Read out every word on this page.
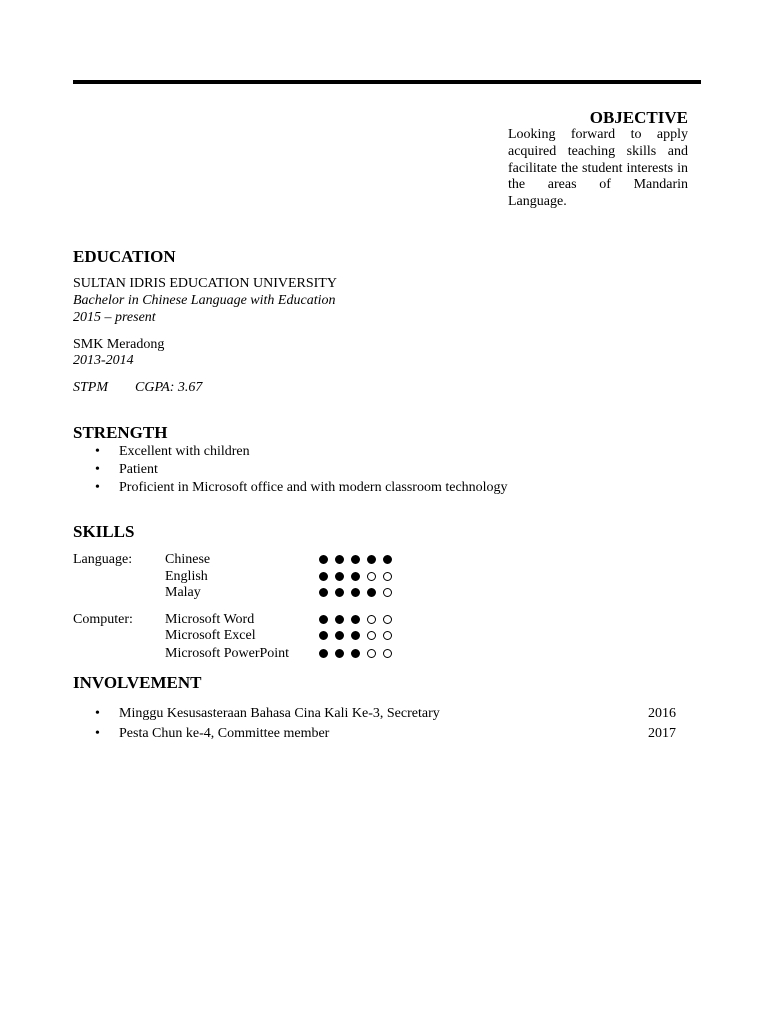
OBJECTIVE
Looking forward to apply acquired teaching skills and facilitate the student interests in the areas of Mandarin Language.
EDUCATION
SULTAN IDRIS EDUCATION UNIVERSITY
Bachelor in Chinese Language with Education
2015 – present
SMK Meradong
2013-2014
STPM CGPA: 3.67
STRENGTH
• Excellent with children
• Patient
• Proficient in Microsoft office and with modern classroom technology
SKILLS
Language: Chinese
English
Malay
Computer: Microsoft Word
Microsoft Excel
Microsoft PowerPoint
INVOLVEMENT
• Minggu Kesusasteraan Bahasa Cina Kali Ke-3, Secretary	2016
• Pesta Chun ke-4, Committee member	2017
